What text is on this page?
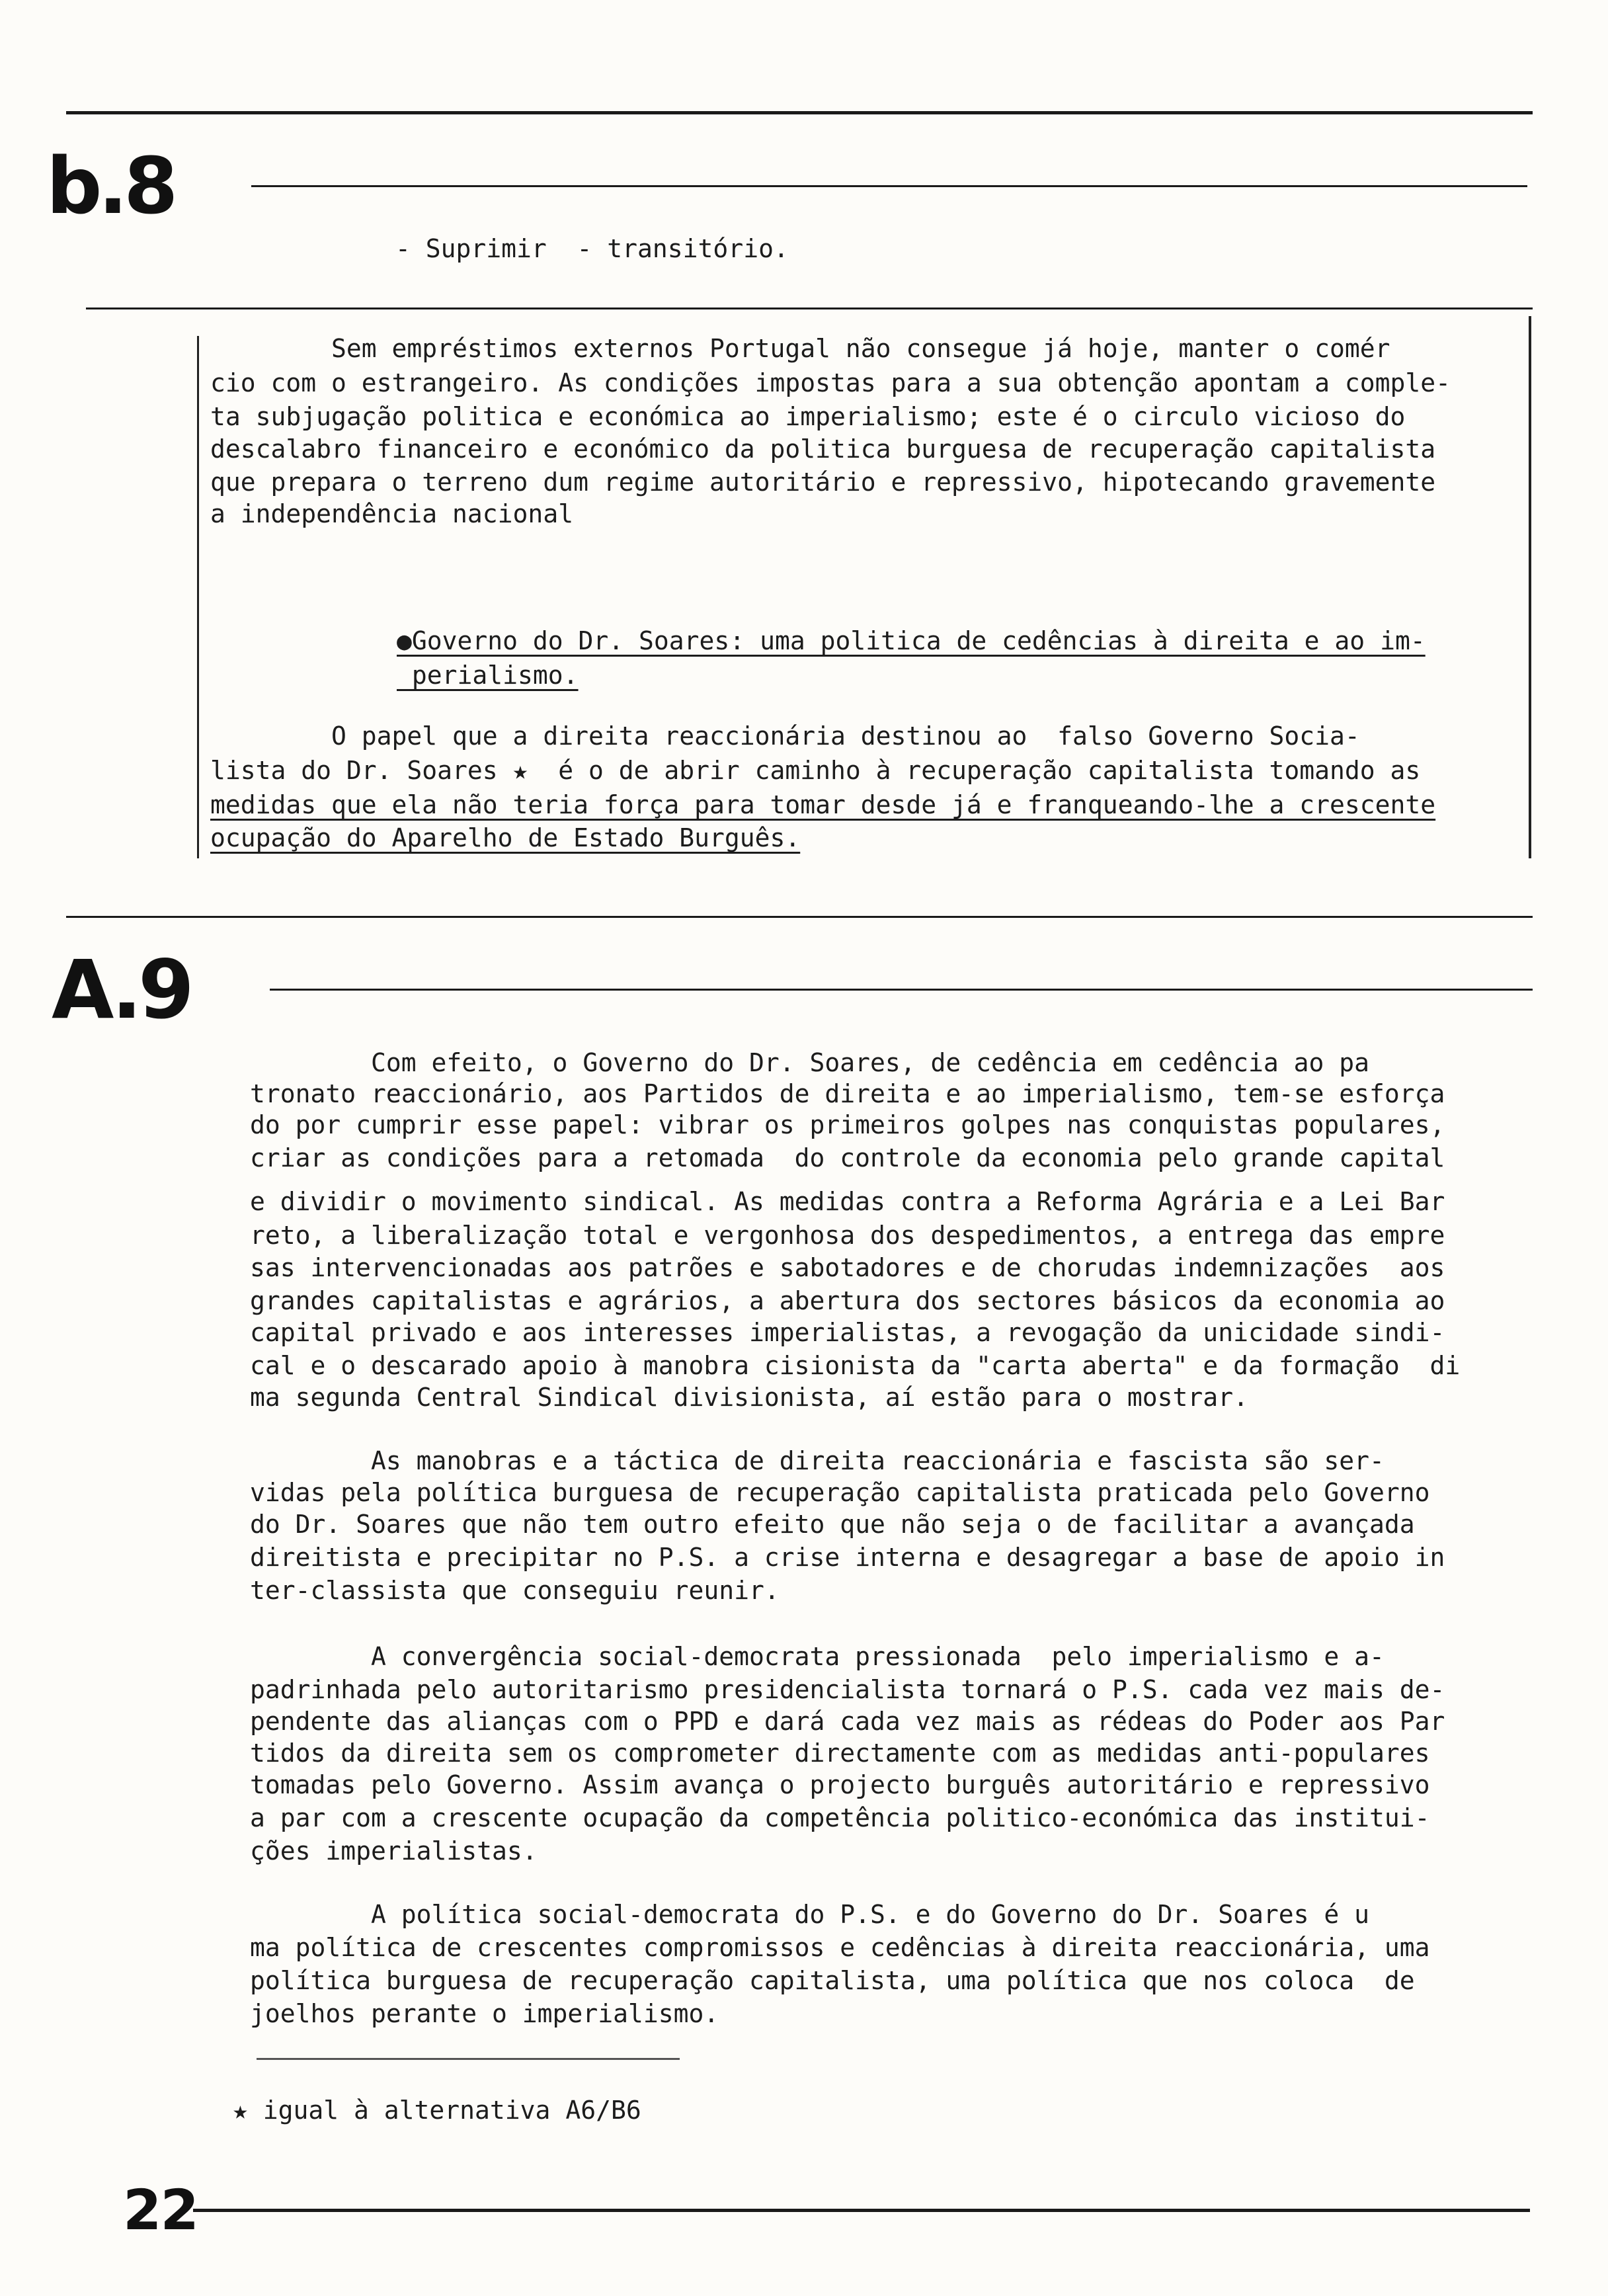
b.8
- Suprimir  - transitório.
Sem empréstimos externos Portugal não consegue já hoje, manter o comér
cio com o estrangeiro. As condições impostas para a sua obtenção apontam a comple-
ta subjugação politica e económica ao imperialismo; este é o circulo vicioso do
descalabro financeiro e económico da politica burguesa de recuperação capitalista
que prepara o terreno dum regime autoritário e repressivo, hipotecando gravemente
a independência nacional
●Governo do Dr. Soares: uma politica de cedências à direita e ao im-
perialismo.
O papel que a direita reaccionária destinou ao  falso Governo Socia-
lista do Dr. Soares ★  é o de abrir caminho à recuperação capitalista tomando as
medidas que ela não teria força para tomar desde já e franqueando-lhe a crescente
ocupação do Aparelho de Estado Burguês.
A.9
Com efeito, o Governo do Dr. Soares, de cedência em cedência ao pa
tronato reaccionário, aos Partidos de direita e ao imperialismo, tem-se esforça
do por cumprir esse papel: vibrar os primeiros golpes nas conquistas populares,
criar as condições para a retomada  do controle da economia pelo grande capital
e dividir o movimento sindical. As medidas contra a Reforma Agrária e a Lei Bar
reto, a liberalização total e vergonhosa dos despedimentos, a entrega das empre
sas intervencionadas aos patrões e sabotadores e de chorudas indemnizações  aos
grandes capitalistas e agrários, a abertura dos sectores básicos da economia ao
capital privado e aos interesses imperialistas, a revogação da unicidade sindi-
cal e o descarado apoio à manobra cisionista da "carta aberta" e da formação  di
ma segunda Central Sindical divisionista, aí estão para o mostrar.
As manobras e a táctica de direita reaccionária e fascista são ser-
vidas pela política burguesa de recuperação capitalista praticada pelo Governo
do Dr. Soares que não tem outro efeito que não seja o de facilitar a avançada
direitista e precipitar no P.S. a crise interna e desagregar a base de apoio in
ter-classista que conseguiu reunir.
A convergência social-democrata pressionada  pelo imperialismo e a-
padrinhada pelo autoritarismo presidencialista tornará o P.S. cada vez mais de-
pendente das alianças com o PPD e dará cada vez mais as rédeas do Poder aos Par
tidos da direita sem os comprometer directamente com as medidas anti-populares
tomadas pelo Governo. Assim avança o projecto burguês autoritário e repressivo
a par com a crescente ocupação da competência politico-económica das institui-
ções imperialistas.
A política social-democrata do P.S. e do Governo do Dr. Soares é u
ma política de crescentes compromissos e cedências à direita reaccionária, uma
política burguesa de recuperação capitalista, uma política que nos coloca  de
joelhos perante o imperialismo.
★ igual à alternativa A6/B6
22
